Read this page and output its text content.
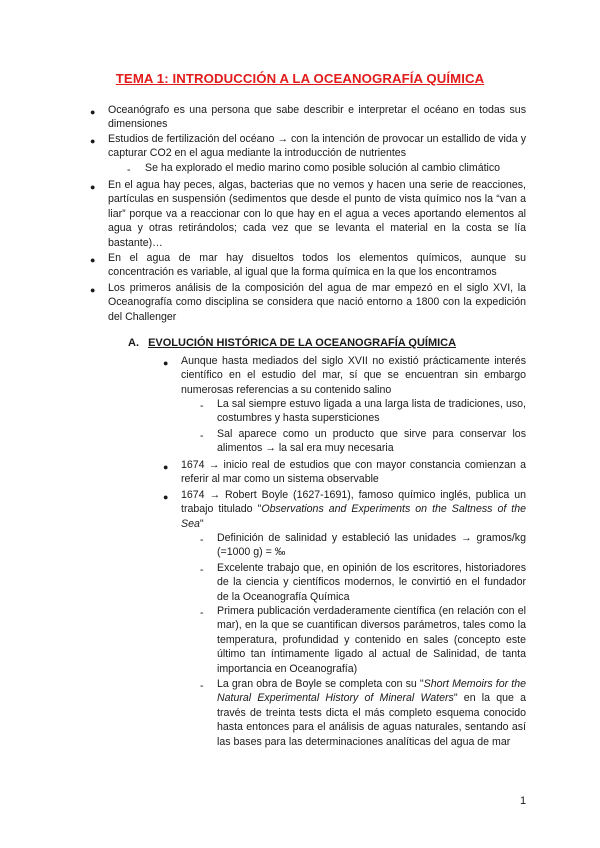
TEMA 1: INTRODUCCIÓN A LA OCEANOGRAFÍA QUÍMICA
● Oceanógrafo es una persona que sabe describir e interpretar el océano en todas sus dimensiones
● Estudios de fertilización del océano → con la intención de provocar un estallido de vida y capturar CO2 en el agua mediante la introducción de nutrientes
- Se ha explorado el medio marino como posible solución al cambio climático
● En el agua hay peces, algas, bacterias que no vemos y hacen una serie de reacciones, partículas en suspensión (sedimentos que desde el punto de vista químico nos la “van a liar” porque va a reaccionar con lo que hay en el agua a veces aportando elementos al agua y otras retirándolos; cada vez que se levanta el material en la costa se lía bastante)…
● En el agua de mar hay disueltos todos los elementos químicos, aunque su concentración es variable, al igual que la forma química en la que los encontramos
● Los primeros análisis de la composición del agua de mar empezó en el siglo XVI, la Oceanografía como disciplina se considera que nació entorno a 1800 con la expedición del Challenger
A. EVOLUCIÓN HISTÓRICA DE LA OCEANOGRAFÍA QUÍMICA
● Aunque hasta mediados del siglo XVII no existió prácticamente interés científico en el estudio del mar, sí que se encuentran sin embargo numerosas referencias a su contenido salino
- La sal siempre estuvo ligada a una larga lista de tradiciones, uso, costumbres y hasta supersticiones
- Sal aparece como un producto que sirve para conservar los alimentos → la sal era muy necesaria
● 1674 → inicio real de estudios que con mayor constancia comienzan a referir al mar como un sistema observable
● 1674 → Robert Boyle (1627-1691), famoso químico inglés, publica un trabajo titulado "Observations and Experiments on the Saltness of the Sea"
- Definición de salinidad y estableció las unidades → gramos/kg (=1000 g) = ‰
- Excelente trabajo que, en opinión de los escritores, historiadores de la ciencia y científicos modernos, le convirtió en el fundador de la Oceanografía Química
- Primera publicación verdaderamente científica (en relación con el mar), en la que se cuantifican diversos parámetros, tales como la temperatura, profundidad y contenido en sales (concepto este último tan íntimamente ligado al actual de Salinidad, de tanta importancia en Oceanografía)
- La gran obra de Boyle se completa con su "Short Memoirs for the Natural Experimental History of Mineral Waters" en la que a través de treinta tests dicta el más completo esquema conocido hasta entonces para el análisis de aguas naturales, sentando así las bases para las determinaciones analíticas del agua de mar
1
